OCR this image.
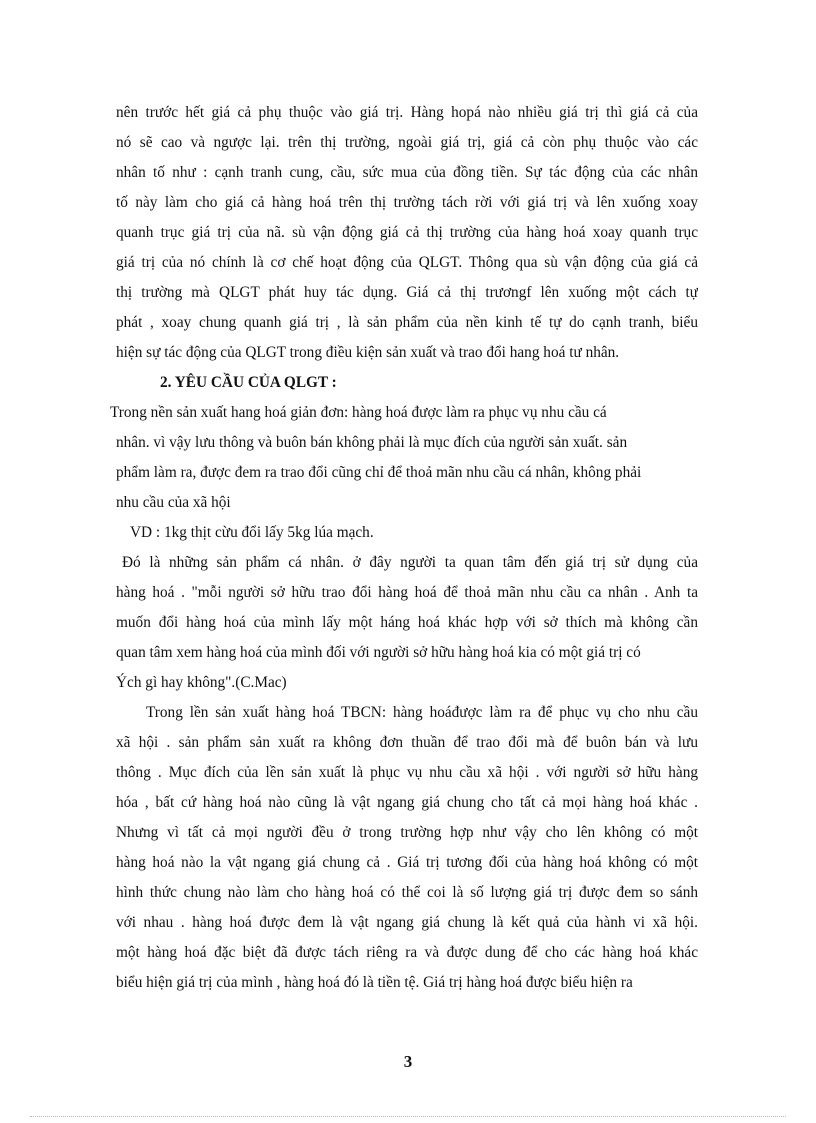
nên trước hết giá cả phụ thuộc vào giá trị. Hàng hopá nào nhiều giá trị thì giá cả của
nó sẽ cao và ngược lại. trên thị trường, ngoài giá trị, giá cả còn phụ thuộc vào các
nhân tố như : cạnh tranh cung, cầu, sức mua của đồng tiền. Sự tác động của các nhân
tố này làm cho giá cả hàng hoá trên thị trường tách rời với giá trị và lên xuống xoay
quanh trục giá trị của nã. sù vận động giá cả thị trường của hàng hoá xoay quanh trục
giá trị của nó chính là cơ chế hoạt động của QLGT. Thông qua sù vận động của giá cả
thị trường mà QLGT phát huy tác dụng. Giá cả thị trươngf lên xuống một cách tự
phát , xoay chung quanh giá trị , là sản phẩm của nền kinh tế tự do cạnh tranh, biểu
hiện sự tác động của QLGT trong điều kiện sản xuất và trao đổi hang hoá tư nhân.
2. YÊU CẦU CỦA QLGT :
Trong nền sản xuất hang hoá giản đơn: hàng hoá được làm ra phục vụ nhu cầu cá
nhân. vì vậy lưu thông và buôn bán không phải là mục đích của người sản xuất. sản
phẩm làm ra, được đem ra trao đổi cũng chỉ để thoả mãn nhu cầu cá nhân, không phải
nhu cầu của xã hội
VD : 1kg thịt cừu đổi lấy 5kg lúa mạch.
Đó là những sản phẩm cá nhân. ở đây người ta quan tâm đến giá trị sử dụng của
hàng hoá . "mỗi người sở hữu trao đổi hàng hoá để thoả mãn nhu cầu ca nhân . Anh ta
muốn đổi hàng hoá của mình lấy một háng hoá khác hợp với sở thích mà không cần
quan tâm xem hàng hoá của mình đối với người sở hữu hàng hoá kia có một giá trị có
Ých gì hay không".(C.Mac)
Trong lền sản xuất hàng hoá TBCN: hàng hoáđược làm ra để phục vụ cho nhu cầu
xã hội . sản phẩm sản xuất ra không đơn thuần để trao đổi mà để buôn bán và lưu
thông . Mục đích của lền sản xuất là phục vụ nhu cầu xã hội . với người sở hữu hàng
hóa , bất cứ hàng hoá nào cũng là vật ngang giá chung cho tất cả mọi hàng hoá khác .
Nhưng vì tất cả mọi người đều ở trong trường hợp như vậy cho lên không có một
hàng hoá nào la vật ngang giá chung cả . Giá trị tương đối của hàng hoá không có một
hình thức chung nào làm cho hàng hoá có thể coi là số lượng giá trị được đem so sánh
với nhau . hàng hoá được đem là vật ngang giá chung là kết quả của hành vi xã hội.
một hàng hoá đặc biệt đã được tách riêng ra và được dung để cho các hàng hoá khác
biểu hiện giá trị của mình , hàng hoá đó là tiền tệ. Giá trị hàng hoá được biểu hiện ra
3
